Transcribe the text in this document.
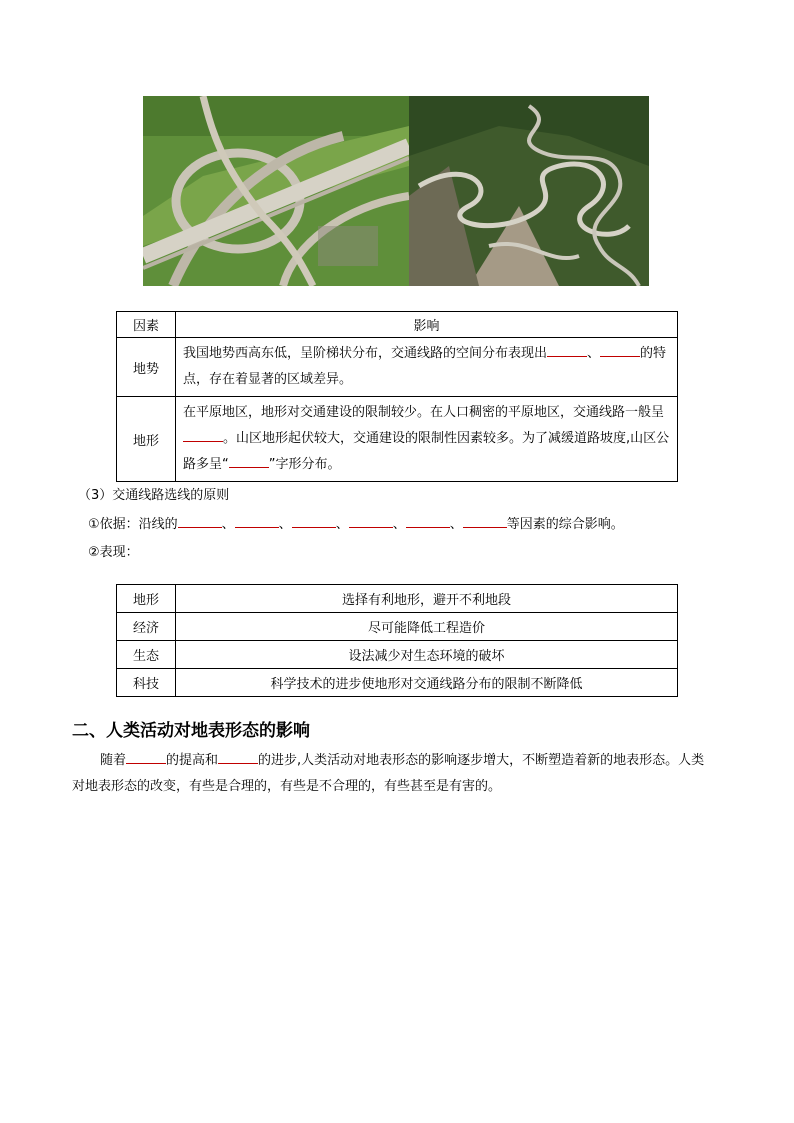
因素	影响
地势	我国地势西高东低，呈阶梯状分布，交通线路的空间分布表现出 、 的特点，存在着显著的区域差异。
地形	在平原地区，地形对交通建设的限制较少。在人口稠密的平原地区，交通线路一般呈。山区地形起伏较大，交通建设的限制性因素较多。为了减缓道路坡度,山区公路多呈“ ”字形分布。
（3）交通线路选线的原则
①依据：沿线的	、	、	、	、	、	等因素的综合影响。
②表现：
地形	选择有利地形，避开不利地段
经济	尽可能降低工程造价
生态	设法减少对生态环境的破坏
科技	科学技术的进步使地形对交通线路分布的限制不断降低
二、人类活动对地表形态的影响
随着	的提高和	的进步,人类活动对地表形态的影响逐步增大，不断塑造着新的地表形态。人类对地表形态的改变，有些是合理的，有些是不合理的，有些甚至是有害的。
